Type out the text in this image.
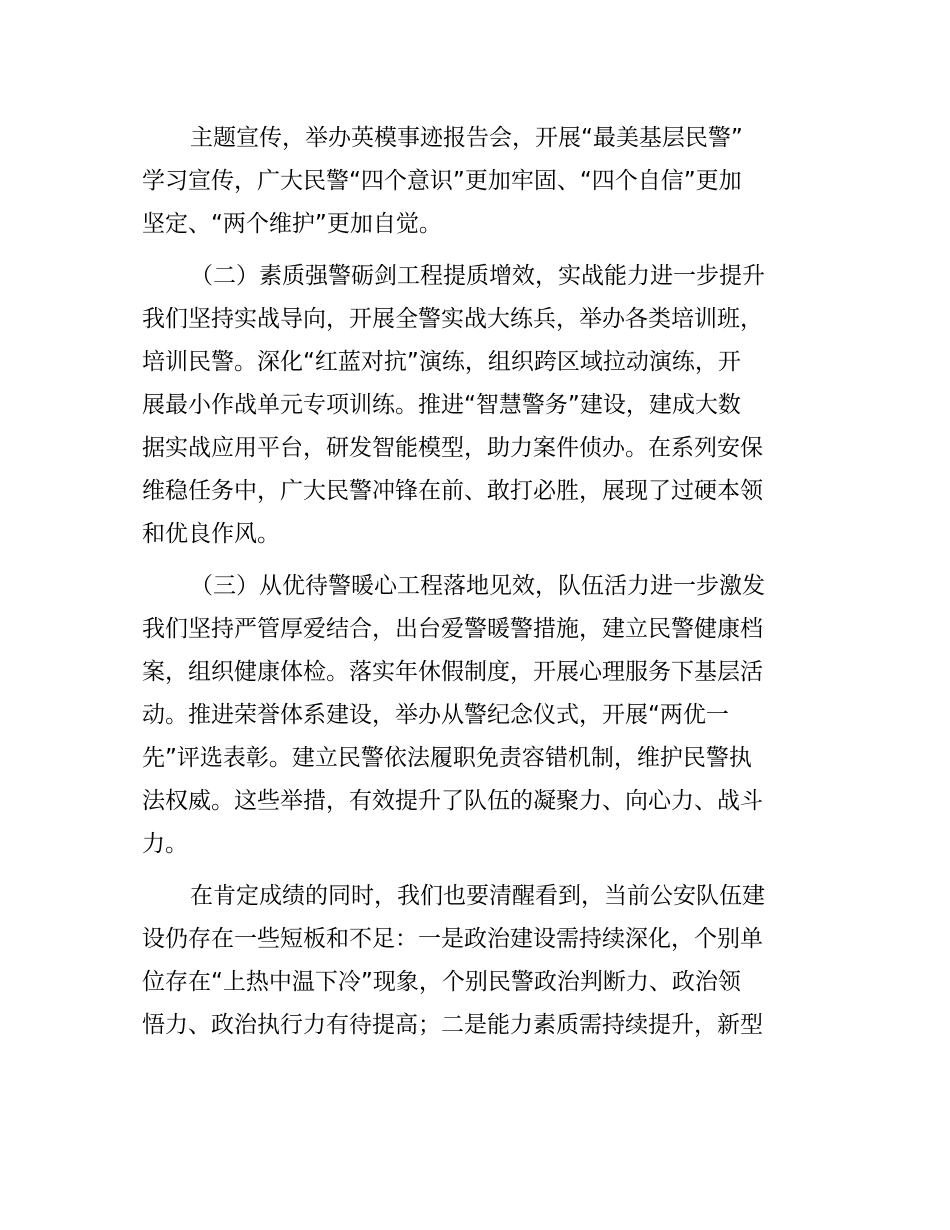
主题宣传，举办英模事迹报告会，开展“最美基层民警”
学习宣传，广大民警“四个意识”更加牢固、“四个自信”更加
坚定、“两个维护”更加自觉。
（二）素质强警砺剑工程提质增效，实战能力进一步提升
我们坚持实战导向，开展全警实战大练兵，举办各类培训班，
培训民警。深化“红蓝对抗”演练，组织跨区域拉动演练，开
展最小作战单元专项训练。推进“智慧警务”建设，建成大数
据实战应用平台，研发智能模型，助力案件侦办。在系列安保
维稳任务中，广大民警冲锋在前、敢打必胜，展现了过硬本领
和优良作风。
（三）从优待警暖心工程落地见效，队伍活力进一步激发
我们坚持严管厚爱结合，出台爱警暖警措施，建立民警健康档
案，组织健康体检。落实年休假制度，开展心理服务下基层活
动。推进荣誉体系建设，举办从警纪念仪式，开展“两优一
先”评选表彰。建立民警依法履职免责容错机制，维护民警执
法权威。这些举措，有效提升了队伍的凝聚力、向心力、战斗
力。
在肯定成绩的同时，我们也要清醒看到，当前公安队伍建
设仍存在一些短板和不足：一是政治建设需持续深化，个别单
位存在“上热中温下冷”现象，个别民警政治判断力、政治领
悟力、政治执行力有待提高；二是能力素质需持续提升，新型
